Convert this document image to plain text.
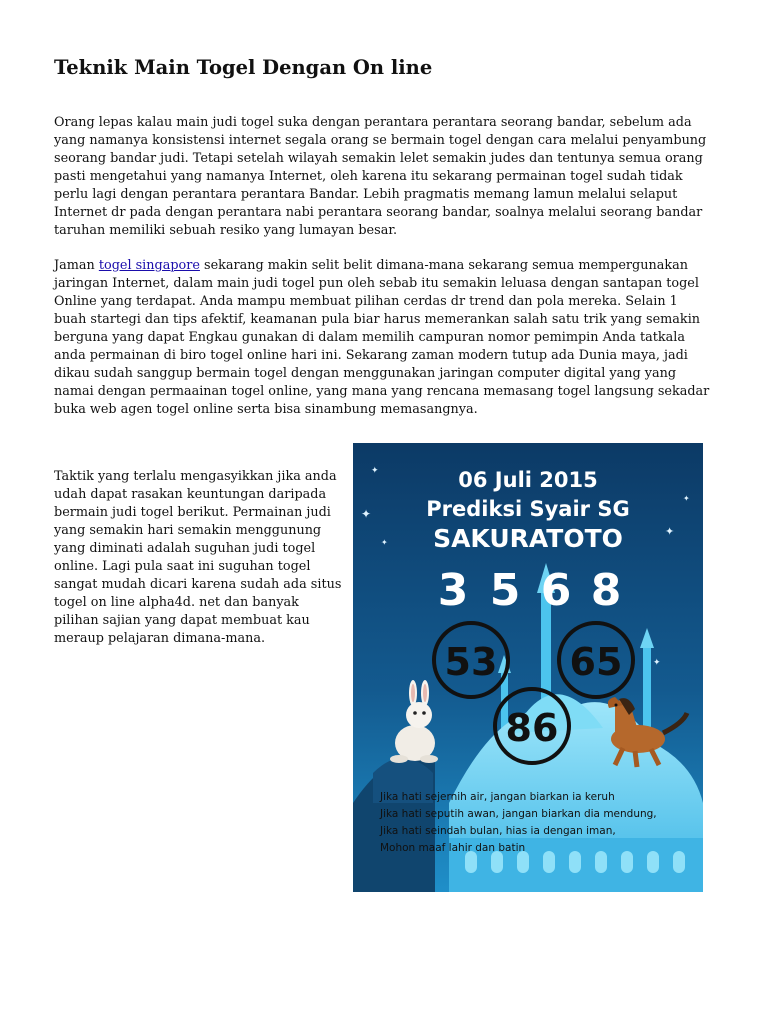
Teknik Main Togel Dengan On line

Orang lepas kalau main judi togel suka dengan perantara perantara seorang bandar, sebelum ada
yang namanya konsistensi internet segala orang se bermain togel dengan cara melalui penyambung
seorang bandar judi. Tetapi setelah wilayah semakin lelet semakin judes dan tentunya semua orang
pasti mengetahui yang namanya Internet, oleh karena itu sekarang permainan togel sudah tidak
perlu lagi dengan perantara perantara Bandar. Lebih pragmatis memang lamun melalui selaput
Internet dr pada dengan perantara nabi perantara seorang bandar, soalnya melalui seorang bandar
taruhan memiliki sebuah resiko yang lumayan besar.

Jaman togel singapore sekarang makin selit belit dimana-mana sekarang semua mempergunakan
jaringan Internet, dalam main judi togel pun oleh sebab itu semakin leluasa dengan santapan togel
Online yang terdapat. Anda mampu membuat pilihan cerdas dr trend dan pola mereka. Selain 1
buah startegi dan tips afektif, keamanan pula biar harus memerankan salah satu trik yang semakin
berguna yang dapat Engkau gunakan di dalam memilih campuran nomor pemimpin Anda tatkala
anda permainan di biro togel online hari ini. Sekarang zaman modern tutup ada Dunia maya, jadi
dikau sudah sanggup bermain togel dengan menggunakan jaringan computer digital yang yang
namai dengan permaainan togel online, yang mana yang rencana memasang togel langsung sekadar
buka web agen togel online serta bisa sinambung memasangnya.

Taktik yang terlalu mengasyikkan jika anda
udah dapat rasakan keuntungan daripada
bermain judi togel berikut. Permainan judi
yang semakin hari semakin menggunung
yang diminati adalah suguhan judi togel
online. Lagi pula saat ini suguhan togel
sangat mudah dicari karena sudah ada situs
togel on line alpha4d. net dan banyak
pilihan sajian yang dapat membuat kau
meraup pelajaran dimana-mana.

✦
✦
✦
✦
✦
✦
06 Juli 2015
Prediksi Syair SG
SAKURATOTO
3 5 6 8
53 65
86
Jika hati sejernih air, jangan biarkan ia keruh
Jika hati seputih awan, jangan biarkan dia mendung,
Jika hati seindah bulan, hias ia dengan iman,
Mohon maaf lahir dan batin
